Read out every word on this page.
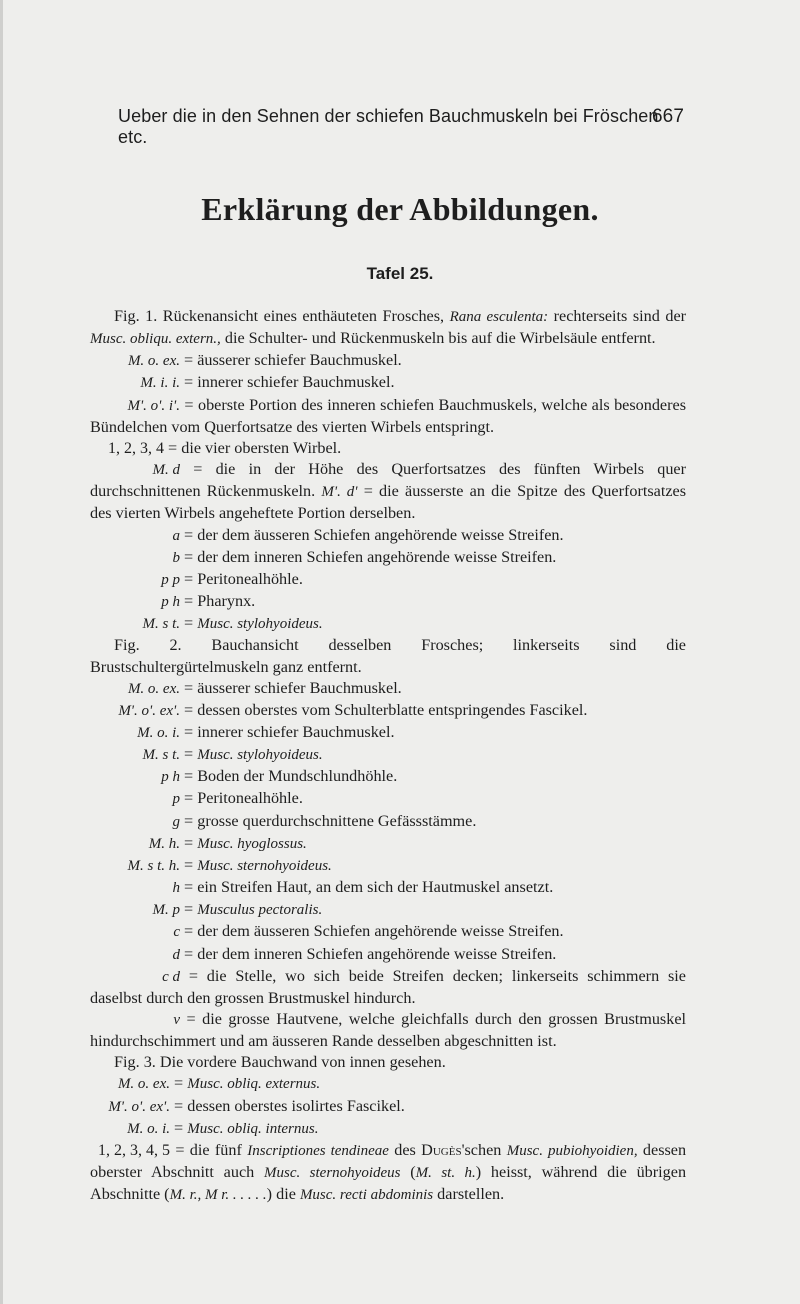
Ueber die in den Sehnen der schiefen Bauchmuskeln bei Fröschen etc.
667
Erklärung der Abbildungen.
Tafel 25.

Fig. 1. Rückenansicht eines enthäuteten Frosches, Rana esculenta: rechterseits sind der Musc. obliqu. extern., die Schulter- und Rückenmuskeln bis auf die Wirbelsäule entfernt.

M. o. ex. = äusserer schiefer Bauchmuskel.

M. i. i. = innerer schiefer Bauchmuskel.

M'. o'. i'. = oberste Portion des inneren schiefen Bauchmuskels, welche als besonderes Bündelchen vom Querfortsatze des vierten Wirbels entspringt.

1, 2, 3, 4 = die vier obersten Wirbel.

M. d = die in der Höhe des Querfortsatzes des fünften Wirbels quer durchschnittenen Rückenmuskeln. M'. d' = die äusserste an die Spitze des Querfortsatzes des vierten Wirbels angeheftete Portion derselben.

a = der dem äusseren Schiefen angehörende weisse Streifen.

b = der dem inneren Schiefen angehörende weisse Streifen.

p p = Peritonealhöhle.

p h = Pharynx.

M. s t. = Musc. stylohyoideus.

Fig. 2. Bauchansicht desselben Frosches; linkerseits sind die Brustschultergürtelmuskeln ganz entfernt.

M. o. ex. = äusserer schiefer Bauchmuskel.

M'. o'. ex'. = dessen oberstes vom Schulterblatte entspringendes Fascikel.

M. o. i. = innerer schiefer Bauchmuskel.

M. s t. = Musc. stylohyoideus.

p h = Boden der Mundschlundhöhle.

p = Peritonealhöhle.

g = grosse querdurchschnittene Gefässstämme.

M. h. = Musc. hyoglossus.

M. s t. h. = Musc. sternohyoideus.

h = ein Streifen Haut, an dem sich der Hautmuskel ansetzt.

M. p = Musculus pectoralis.

c = der dem äusseren Schiefen angehörende weisse Streifen.

d = der dem inneren Schiefen angehörende weisse Streifen.

c d = die Stelle, wo sich beide Streifen decken; linkerseits schimmern sie daselbst durch den grossen Brustmuskel hindurch.

v = die grosse Hautvene, welche gleichfalls durch den grossen Brustmuskel hindurchschimmert und am äusseren Rande desselben abgeschnitten ist.

Fig. 3. Die vordere Bauchwand von innen gesehen.

M. o. ex. = Musc. obliq. externus.

M'. o'. ex'. = dessen oberstes isolirtes Fascikel.

M. o. i. = Musc. obliq. internus.

1, 2, 3, 4, 5 = die fünf Inscriptiones tendineae des Dugès'schen Musc. pubiohyoidien, dessen oberster Abschnitt auch Musc. sternohyoideus (M. st. h.) heisst, während die übrigen Abschnitte (M. r., M r. . . . . .) die Musc. recti abdominis darstellen.
